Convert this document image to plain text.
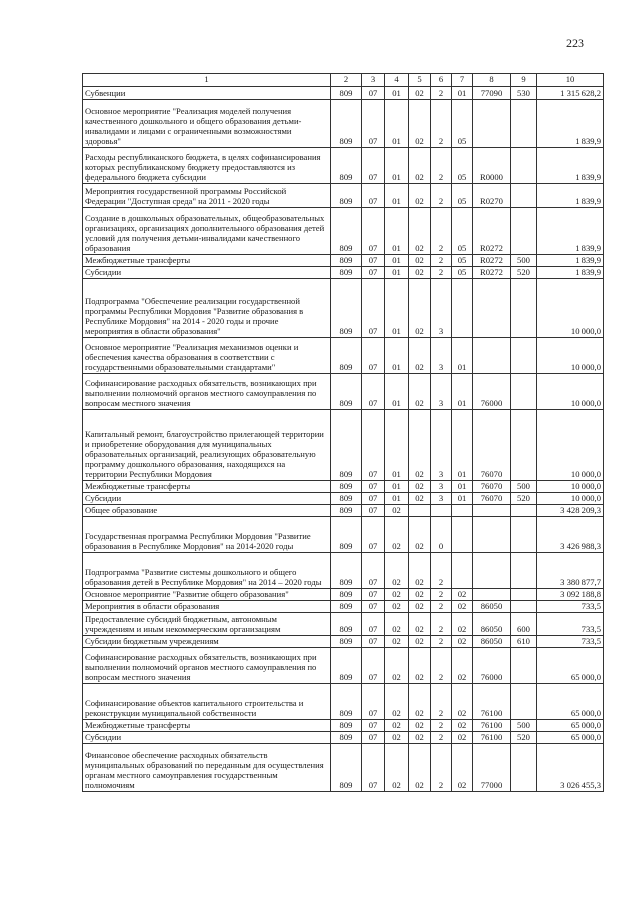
223
1	2	3	4	5	6	7	8	9	10
Субвенции	809	07	01	02	2	01	77090	530	1 315 628,2
Основное мероприятие "Реализация моделей получения качественного дошкольного и общего образования детьми-инвалидами и лицами с ограниченными возможностями здоровья"	809	07	01	02	2	05			1 839,9
Расходы республиканского бюджета, в целях софинансирования которых республиканскому бюджету предоставляются из федерального бюджета субсидии	809	07	01	02	2	05	R0000		1 839,9
Мероприятия государственной программы Российской Федерации "Доступная среда" на 2011 - 2020 годы	809	07	01	02	2	05	R0270		1 839,9
Создание в дошкольных образовательных, общеобразовательных организациях, организациях дополнительного образования детей условий для получения детьми-инвалидами качественного образования	809	07	01	02	2	05	R0272		1 839,9
Межбюджетные трансферты	809	07	01	02	2	05	R0272	500	1 839,9
Субсидии	809	07	01	02	2	05	R0272	520	1 839,9
Подпрограмма "Обеспечение реализации государственной программы Республики Мордовия "Развитие образования в Республике Мордовия" на 2014 - 2020 годы и прочие мероприятия в области образования"	809	07	01	02	3				10 000,0
Основное мероприятие "Реализация механизмов оценки и обеспечения качества образования в соответствии с государственными образовательными стандартами"	809	07	01	02	3	01			10 000,0
Софинансирование расходных обязательств, возникающих при выполнении полномочий органов местного самоуправления по вопросам местного значения	809	07	01	02	3	01	76000		10 000,0
Капитальный ремонт, благоустройство прилегающей территории и приобретение оборудования для муниципальных образовательных организаций, реализующих образовательную программу дошкольного образования, находящихся на территории Республики Мордовия	809	07	01	02	3	01	76070		10 000,0
Межбюджетные трансферты	809	07	01	02	3	01	76070	500	10 000,0
Субсидии	809	07	01	02	3	01	76070	520	10 000,0
Общее образование	809	07	02						3 428 209,3
Государственная программа Республики Мордовия "Развитие образования в Республике Мордовия" на 2014-2020 годы	809	07	02	02	0				3 426 988,3
Подпрограмма "Развитие системы дошкольного и общего образования детей в Республике Мордовия" на 2014 – 2020 годы	809	07	02	02	2				3 380 877,7
Основное мероприятие "Развитие общего образования"	809	07	02	02	2	02			3 092 188,8
Мероприятия в области образования	809	07	02	02	2	02	86050		733,5
Предоставление субсидий бюджетным, автономным учреждениям и иным некоммерческим организациям	809	07	02	02	2	02	86050	600	733,5
Субсидии бюджетным учреждениям	809	07	02	02	2	02	86050	610	733,5
Софинансирование расходных обязательств, возникающих при выполнении полномочий органов местного самоуправления по вопросам местного значения	809	07	02	02	2	02	76000		65 000,0
Софинансирование объектов капитального строительства и реконструкции муниципальной собственности	809	07	02	02	2	02	76100		65 000,0
Межбюджетные трансферты	809	07	02	02	2	02	76100	500	65 000,0
Субсидии	809	07	02	02	2	02	76100	520	65 000,0
Финансовое обеспечение расходных обязательств муниципальных образований по переданным для осуществления органам местного самоуправления государственным полномочиям	809	07	02	02	2	02	77000		3 026 455,3
